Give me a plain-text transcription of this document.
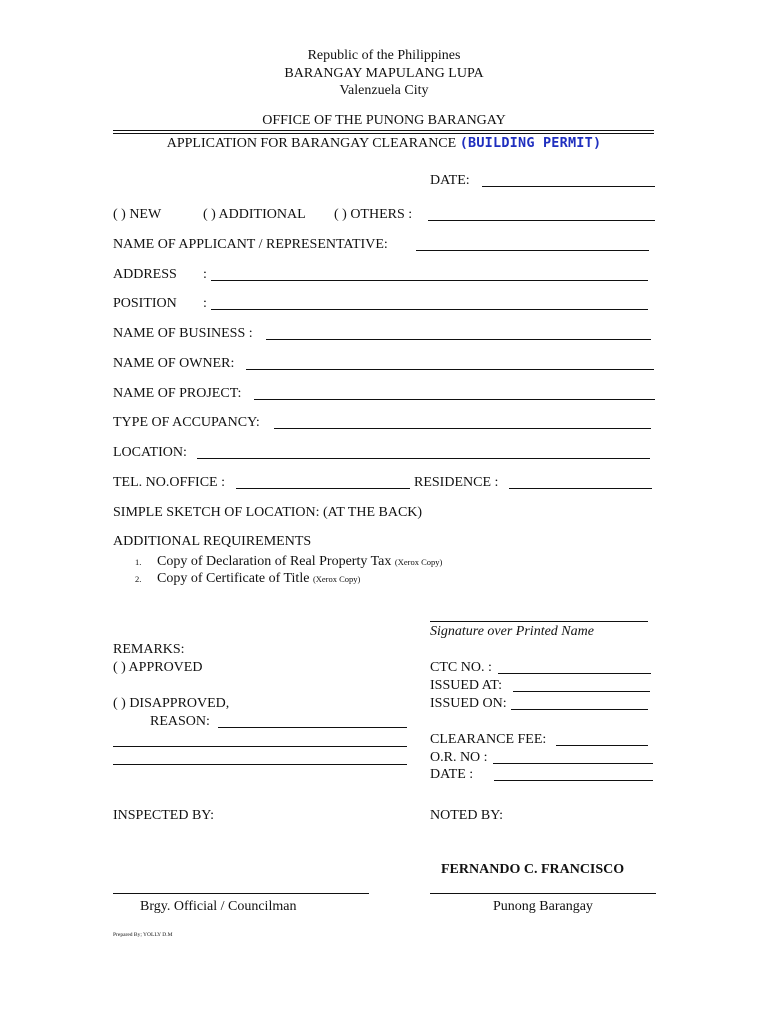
Republic of the Philippines
BARANGAY MAPULANG LUPA
Valenzuela City
OFFICE OF THE PUNONG BARANGAY
APPLICATION FOR BARANGAY CLEARANCE (BUILDING PERMIT)
DATE:
( ) NEW	( ) ADDITIONAL ( ) OTHERS :
NAME OF APPLICANT / REPRESENTATIVE:
ADDRESS :
POSITION :
NAME OF BUSINESS :
NAME OF OWNER:
NAME OF PROJECT:
TYPE OF ACCUPANCY:
LOCATION:
TEL. NO.OFFICE :	RESIDENCE :
SIMPLE SKETCH OF LOCATION: (AT THE BACK)
ADDITIONAL REQUIREMENTS
1. Copy of Declaration of Real Property Tax (Xerox Copy)
2. Copy of Certificate of Title (Xerox Copy)
Signature over Printed Name
REMARKS:
( ) APPROVED
( ) DISAPPROVED,
REASON:
CTC NO. :
ISSUED AT:
ISSUED ON:
CLEARANCE FEE:
O.R. NO :
DATE :
INSPECTED BY:	NOTED BY:
FERNANDO C. FRANCISCO
Brgy. Official / Councilman	Punong Barangay
Prepared By; YOLLY D.M
